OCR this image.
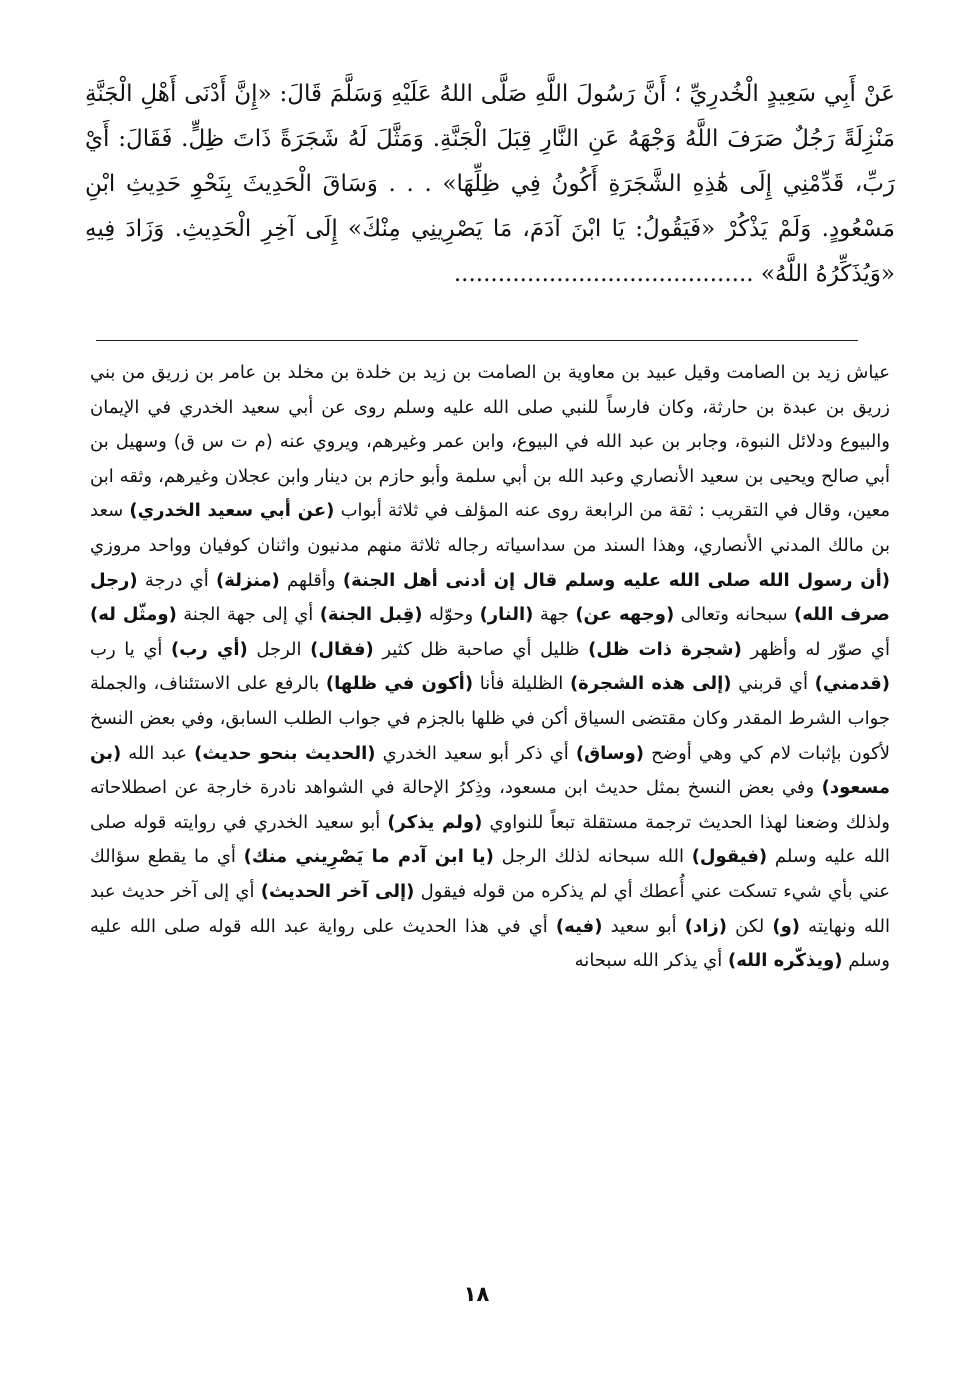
عَنْ أَبِي سَعِيدٍ الْخُدرِيِّ ؛ أَنَّ رَسُولَ اللَّهِ صَلَّى اللهُ عَلَيْهِ وَسَلَّمَ قَالَ: «إِنَّ أَدْنَى أَهْلِ الْجَنَّةِ مَنْزِلَةً رَجُلٌ صَرَفَ اللَّهُ وَجْهَهُ عَنِ النَّارِ قِبَلَ الْجَنَّةِ. وَمَثَّلَ لَهُ شَجَرَةً ذَاتَ ظِلٍّ. فَقَالَ: أَيْ رَبِّ، قَدِّمْنِي إِلَى هَٰذِهِ الشَّجَرَةِ أَكُونُ فِي ظِلِّهَا» . . . وَسَاقَ الْحَدِيثَ بِنَحْوِ حَدِيثِ ابْنِ مَسْعُودٍ. وَلَمْ يَذْكُرْ «فَيَقُولُ: يَا ابْنَ آدَمَ، مَا يَصْرِينِي مِنْكَ» إِلَى آخِرِ الْحَدِيثِ. وَزَادَ فِيهِ «وَيُذَكِّرُهُ اللَّهُ» .........................................
عياش زيد بن الصامت وقيل عبيد بن معاوية بن الصامت بن زيد بن خلدة بن مخلد بن عامر بن زريق من بني زريق بن عبدة بن حارثة، وكان فارساً للنبي صلى الله عليه وسلم روى عن أبي سعيد الخدري في الإيمان والبيوع ودلائل النبوة، وجابر بن عبد الله في البيوع، وابن عمر وغيرهم، ويروي عنه (م ت س ق) وسهيل بن أبي صالح ويحيى بن سعيد الأنصاري وعبد الله بن أبي سلمة وأبو حازم بن دينار وابن عجلان وغيرهم، وثقه ابن معين، وقال في التقريب : ثقة من الرابعة روى عنه المؤلف في ثلاثة أبواب (عن أبي سعيد الخدري) سعد بن مالك المدني الأنصاري، وهذا السند من سداسياته رجاله ثلاثة منهم مدنيون واثنان كوفيان وواحد مروزي (أن رسول الله صلى الله عليه وسلم قال إن أدنى أهل الجنة) وأقلهم (منزلة) أي درجة (رجل صرف الله) سبحانه وتعالى (وجهه عن) جهة (النار) وحوّله (قِبل الجنة) أي إلى جهة الجنة (ومثّل له) أي صوّر له وأظهر (شجرة ذات ظل) ظليل أي صاحبة ظل كثير (فقال) الرجل (أي رب) أي يا رب (قدمني) أي قربني (إلى هذه الشجرة) الظليلة فأنا (أكون في ظلها) بالرفع على الاستئناف، والجملة جواب الشرط المقدر وكان مقتضى السياق أكن في ظلها بالجزم في جواب الطلب السابق، وفي بعض النسخ لأكون بإثبات لام كي وهي أوضح (وساق) أي ذكر أبو سعيد الخدري (الحديث بنحو حديث) عبد الله (بن مسعود) وفي بعض النسخ بمثل حديث ابن مسعود، وذِكرُ الإحالة في الشواهد نادرة خارجة عن اصطلاحاته ولذلك وضعنا لهذا الحديث ترجمة مستقلة تبعاً للنواوي (ولم يذكر) أبو سعيد الخدري في روايته قوله صلى الله عليه وسلم (فيقول) الله سبحانه لذلك الرجل (يا ابن آدم ما يَصْرِيني منك) أي ما يقطع سؤالك عني بأي شيء تسكت عني أُعطك أي لم يذكره من قوله فيقول (إلى آخر الحديث) أي إلى آخر حديث عبد الله ونهايته (و) لكن (زاد) أبو سعيد (فيه) أي في هذا الحديث على رواية عبد الله قوله صلى الله عليه وسلم (ويذكّره الله) أي يذكر الله سبحانه
١٨
